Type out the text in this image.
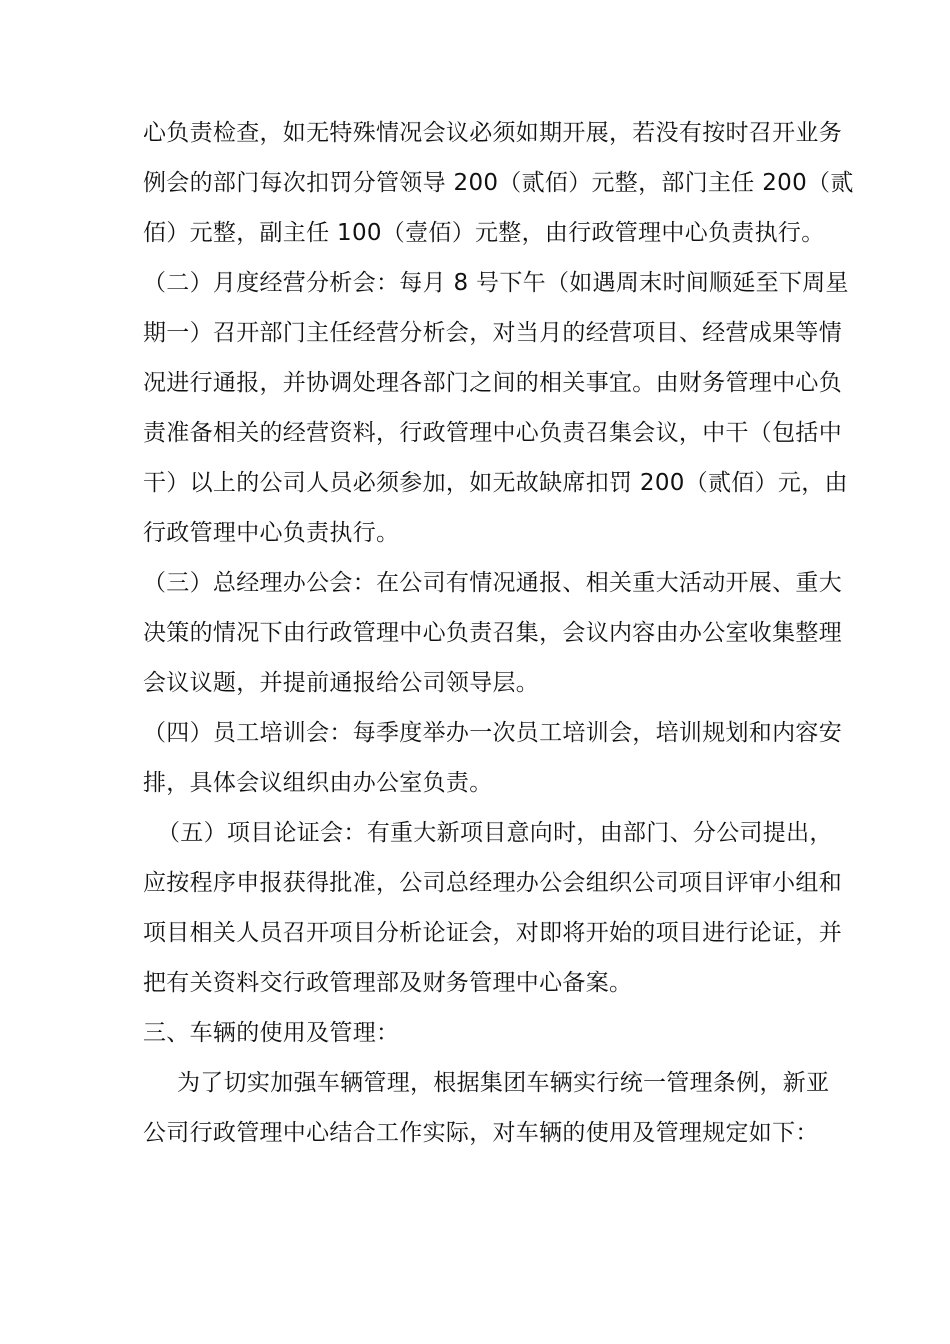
心负责检查，如无特殊情况会议必须如期开展，若没有按时召开业务
例会的部门每次扣罚分管领导 200（贰佰）元整，部门主任 200（贰
佰）元整，副主任 100（壹佰）元整，由行政管理中心负责执行。
（二）月度经营分析会：每月 8 号下午（如遇周末时间顺延至下周星
期一）召开部门主任经营分析会，对当月的经营项目、经营成果等情
况进行通报，并协调处理各部门之间的相关事宜。由财务管理中心负
责准备相关的经营资料，行政管理中心负责召集会议，中干（包括中
干）以上的公司人员必须参加，如无故缺席扣罚 200（贰佰）元，由
行政管理中心负责执行。
（三）总经理办公会：在公司有情况通报、相关重大活动开展、重大
决策的情况下由行政管理中心负责召集，会议内容由办公室收集整理
会议议题，并提前通报给公司领导层。
（四）员工培训会：每季度举办一次员工培训会，培训规划和内容安
排，具体会议组织由办公室负责。
（五）项目论证会：有重大新项目意向时，由部门、分公司提出，
应按程序申报获得批准，公司总经理办公会组织公司项目评审小组和
项目相关人员召开项目分析论证会，对即将开始的项目进行论证，并
把有关资料交行政管理部及财务管理中心备案。
三、车辆的使用及管理：
为了切实加强车辆管理，根据集团车辆实行统一管理条例，新亚
公司行政管理中心结合工作实际，对车辆的使用及管理规定如下：
